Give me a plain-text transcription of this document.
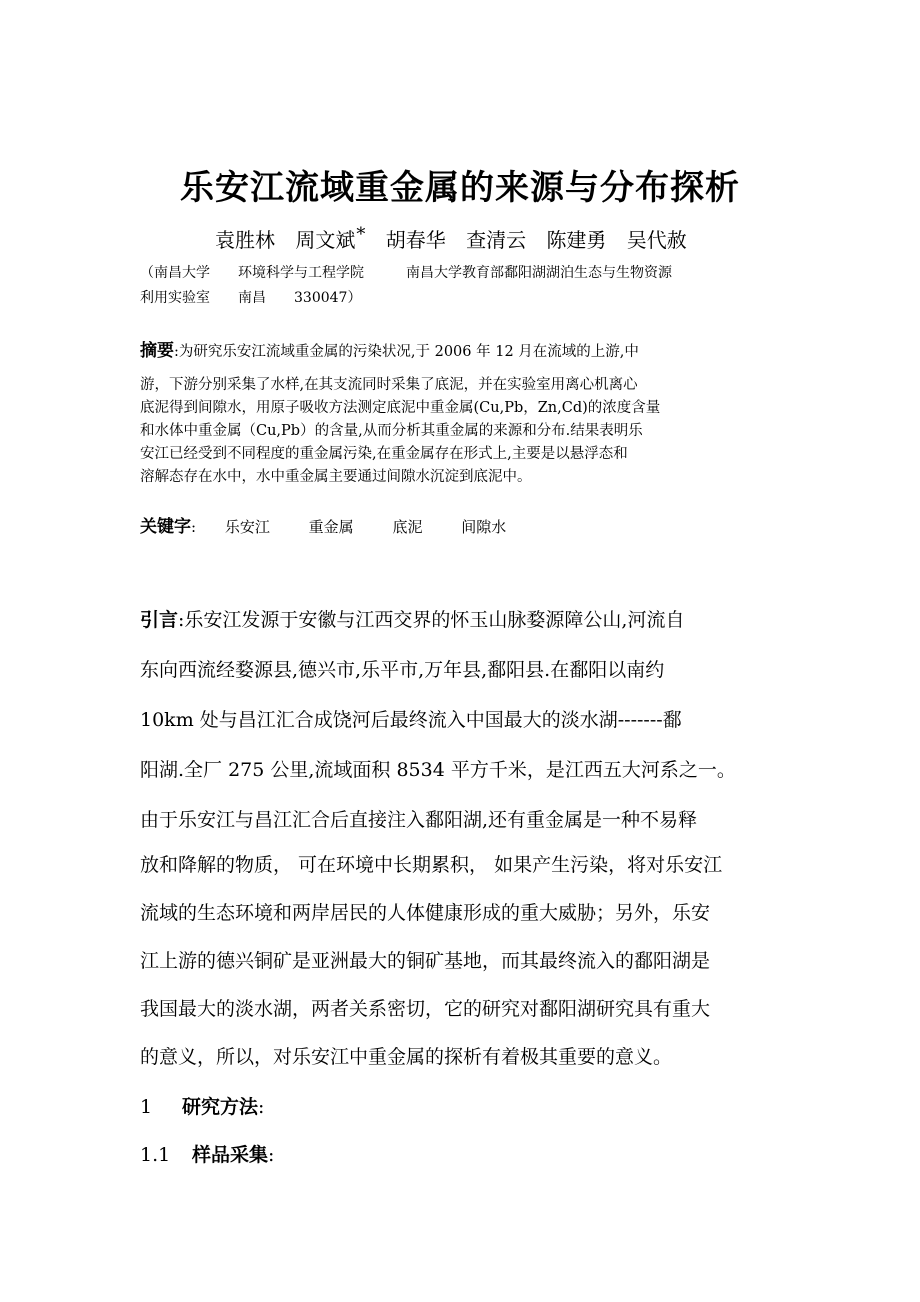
乐安江流域重金属的来源与分布探析
袁胜林 周文斌* 胡春华 查清云 陈建勇 吴代赦
（南昌大学　　环境科学与工程学院　　　南昌大学教育部鄱阳湖湖泊生态与生物资源
利用实验室　　南昌　　330047）
摘要:为研究乐安江流域重金属的污染状况,于 2006 年 12 月在流域的上游,中
游，下游分别采集了水样,在其支流同时采集了底泥，并在实验室用离心机离心
底泥得到间隙水，用原子吸收方法测定底泥中重金属(Cu,Pb，Zn,Cd)的浓度含量
和水体中重金属（Cu,Pb）的含量,从而分析其重金属的来源和分布.结果表明乐
安江已经受到不同程度的重金属污染,在重金属存在形式上,主要是以悬浮态和
溶解态存在水中，水中重金属主要通过间隙水沉淀到底泥中。
关键字: 乐安江	重金属	底泥	间隙水
引言:乐安江发源于安徽与江西交界的怀玉山脉婺源障公山,河流自
东向西流经婺源县,德兴市,乐平市,万年县,鄱阳县.在鄱阳以南约
10km 处与昌江汇合成饶河后最终流入中国最大的淡水湖-------鄱
阳湖.全厂 275 公里,流域面积 8534 平方千米，是江西五大河系之一。
由于乐安江与昌江汇合后直接注入鄱阳湖,还有重金属是一种不易释
放和降解的物质， 可在环境中长期累积， 如果产生污染，将对乐安江
流域的生态环境和两岸居民的人体健康形成的重大威胁；另外，乐安
江上游的德兴铜矿是亚洲最大的铜矿基地，而其最终流入的鄱阳湖是
我国最大的淡水湖，两者关系密切，它的研究对鄱阳湖研究具有重大
的意义，所以，对乐安江中重金属的探析有着极其重要的意义。
1 研究方法:
1.1 样品采集:
